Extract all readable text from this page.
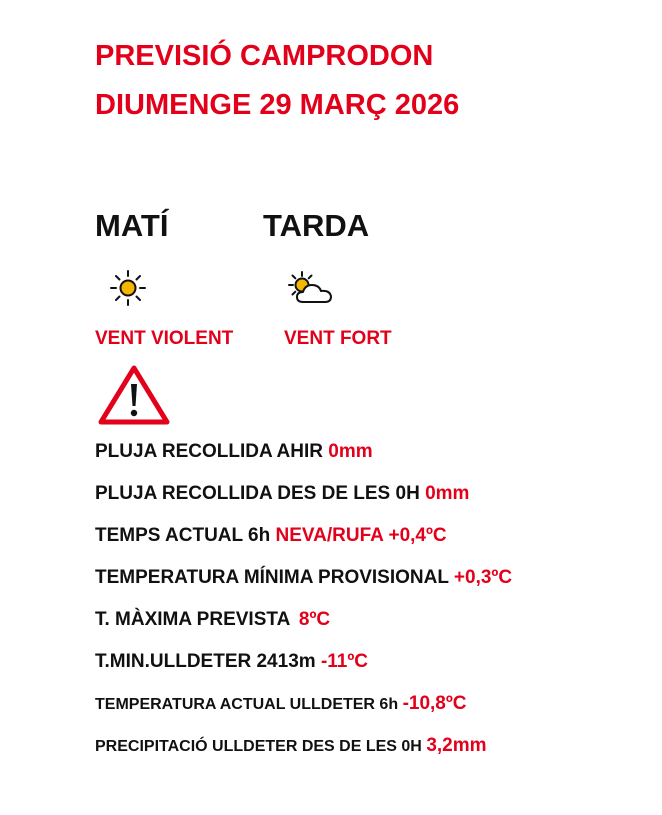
PREVISIÓ CAMPRODON
DIUMENGE 29 MARÇ 2026
MATÍ	TARDA
VENT VIOLENT	VENT FORT
PLUJA RECOLLIDA AHIR 0mm
PLUJA RECOLLIDA DES DE LES 0H 0mm
TEMPS ACTUAL 6h NEVA/RUFA +0,4ºC
TEMPERATURA MÍNIMA PROVISIONAL +0,3ºC
T. MÀXIMA PREVISTA 8ºC
T.MIN.ULLDETER 2413m -11ºC
TEMPERATURA ACTUAL ULLDETER 6h -10,8ºC
PRECIPITACIÓ ULLDETER DES DE LES 0H 3,2mm
